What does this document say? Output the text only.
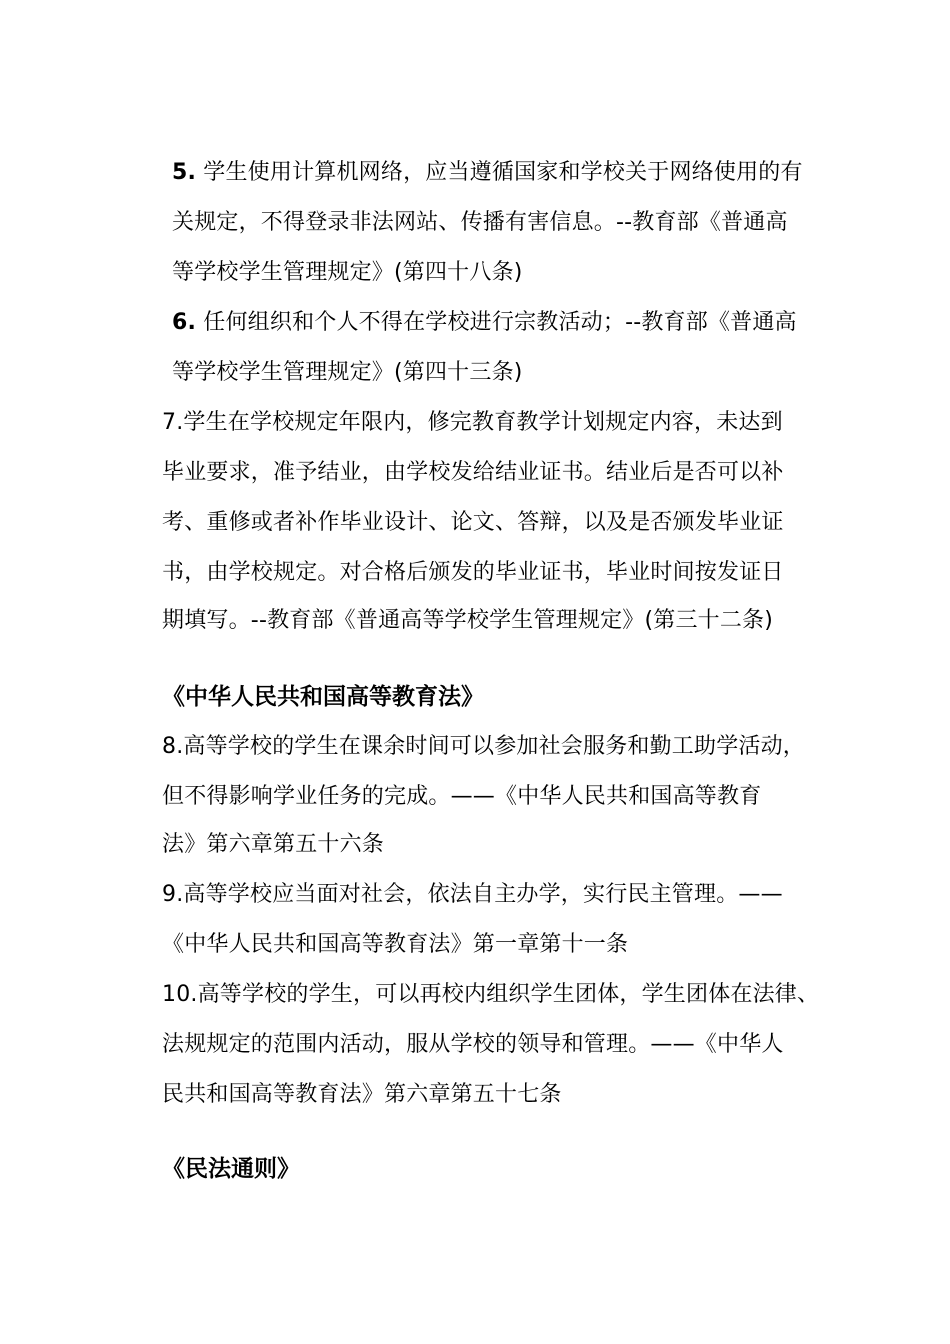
5. 学生使用计算机网络，应当遵循国家和学校关于网络使用的有
关规定，不得登录非法网站、传播有害信息。--教育部《普通高
等学校学生管理规定》(第四十八条)
6. 任何组织和个人不得在学校进行宗教活动；--教育部《普通高
等学校学生管理规定》(第四十三条)
7.学生在学校规定年限内，修完教育教学计划规定内容，未达到
毕业要求，准予结业，由学校发给结业证书。结业后是否可以补
考、重修或者补作毕业设计、论文、答辩，以及是否颁发毕业证
书，由学校规定。对合格后颁发的毕业证书，毕业时间按发证日
期填写。--教育部《普通高等学校学生管理规定》(第三十二条)
《中华人民共和国高等教育法》
8.高等学校的学生在课余时间可以参加社会服务和勤工助学活动，
但不得影响学业任务的完成。——《中华人民共和国高等教育
法》第六章第五十六条
9.高等学校应当面对社会，依法自主办学，实行民主管理。——
《中华人民共和国高等教育法》第一章第十一条
10.高等学校的学生，可以再校内组织学生团体，学生团体在法律、
法规规定的范围内活动，服从学校的领导和管理。——《中华人
民共和国高等教育法》第六章第五十七条
《民法通则》
